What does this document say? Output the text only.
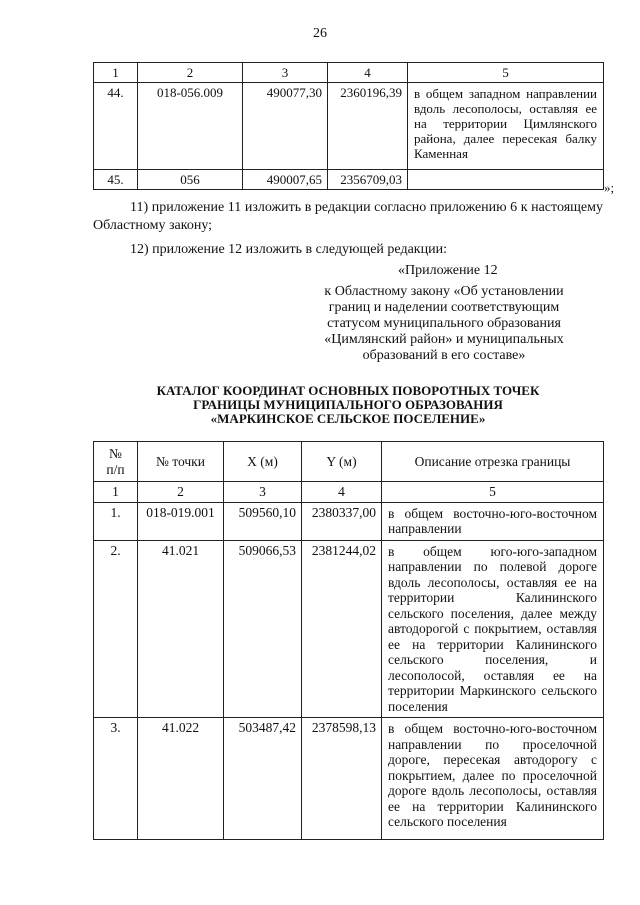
26
1	2	3	4	5
44.	018-056.009	490077,30	2360196,39	в общем западном направлении вдоль лесополосы, оставляя ее на территории Цимлянского района, далее пересекая балку Каменная
45.	056	490007,65	2356709,03	
»;
11) приложение 11 изложить в редакции согласно приложению 6 к настоящему Областному закону;
12) приложение 12 изложить в следующей редакции:
«Приложение 12
к Областному закону «Об установлении
границ и наделении соответствующим
статусом муниципального образования
«Цимлянский район» и муниципальных
образований в его составе»
КАТАЛОГ КООРДИНАТ ОСНОВНЫХ ПОВОРОТНЫХ ТОЧЕК
ГРАНИЦЫ МУНИЦИПАЛЬНОГО ОБРАЗОВАНИЯ
«МАРКИНСКОЕ СЕЛЬСКОЕ ПОСЕЛЕНИЕ»
№
п/п	№ точки	X (м)	Y (м)	Описание отрезка границы
1	2	3	4	5
1.	018-019.001	509560,10	2380337,00	в общем восточно-юго-восточном направлении
2.	41.021	509066,53	2381244,02	в общем юго-юго-западном направлении по полевой дороге вдоль лесополосы, оставляя ее на территории Калининского сельского поселения, далее между автодорогой с покрытием, оставляя ее на территории Калининского сельского поселения, и лесополосой, оставляя ее на территории Маркинского сельского поселения
3.	41.022	503487,42	2378598,13	в общем восточно-юго-восточном направлении по проселочной дороге, пересекая автодорогу с покрытием, далее по проселочной дороге вдоль лесополосы, оставляя ее на территории Калининского сельского поселения
